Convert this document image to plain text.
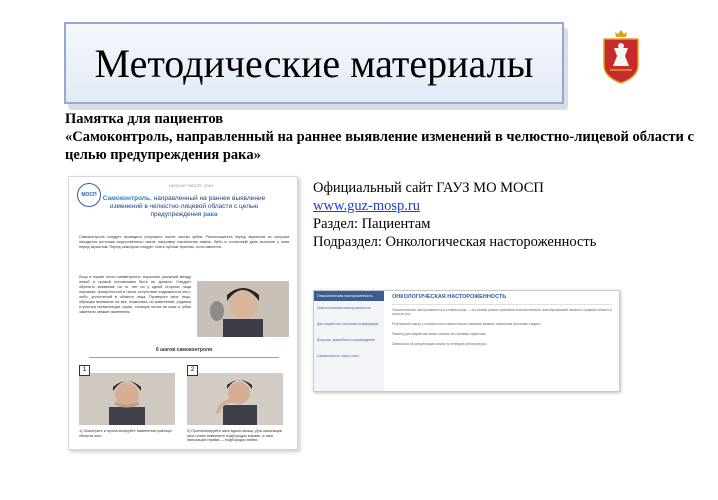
Методические материалы
Памятка для пациентов
«Самоконтроль, направленный на раннее выявление изменений в челюстно-лицевой области с целью предупреждения рака»
МОСП
ГАУЗ МО "МОСП", 2019
Самоконтроль, направленный на раннее выявление изменений в челюстно-лицевой области с целью предупреждения рака
Самоконтроль следует проводить регулярно после чистки зубов. Расположитесь перед зеркалом из которым находится источник искусственного света, например настольная лампа. Либо в солнечный день встаньте у окна перед зеркалом. Перед осмотром следует снять зубные протезы, если имеются.
Лицо в норме почти симметрично, взрослые различий между левой и правой половинами быть не должно. Следует обратить внимание на то, нет ли у одной стороны лица опухания, припухлостей в ткани, отсутствие подвижности чего-либо, уплотнений в области лица. Проверьте свое лицо, обращая внимание на все, появились ли изменения, родинки и участки пигментации, корки, стоящие пятна на коже и губах заметили свежие изменения.
6 шагов самоконтроля
1	2
1) Осмотрите и пропальпируйте изменения границы области шеи
2) Пропальпируйте шею вдоль мышц. Для пальпации шеи слева поверните подбородок вправо, а шеи пальпации справа — подбородок влево.
Официальный сайт ГАУЗ МО МОСП
www.guz-mosp.ru
Раздел: Пациентам
Подраздел: Онкологическая настороженность
Онкологическая настороженность
Онкологическая настороженность
Для пациентов: полезная информация
Вопросы: врачебное сопровождение
Самоконтроль лица и шеи
ОНКОЛОГИЧЕСКАЯ НАСТОРОЖЕННОСТЬ
Онкологическая настороженность в стоматологии — это знание ранних признаков злокачественных новообразований челюстно-лицевой области и полости рта.
Регулярный осмотр у стоматолога и самоконтроль помогают выявить изменения на ранних стадиях.
Памятку для пациентов можно скачать на странице отделения.
Записаться на консультацию можно по телефону регистратуры.
